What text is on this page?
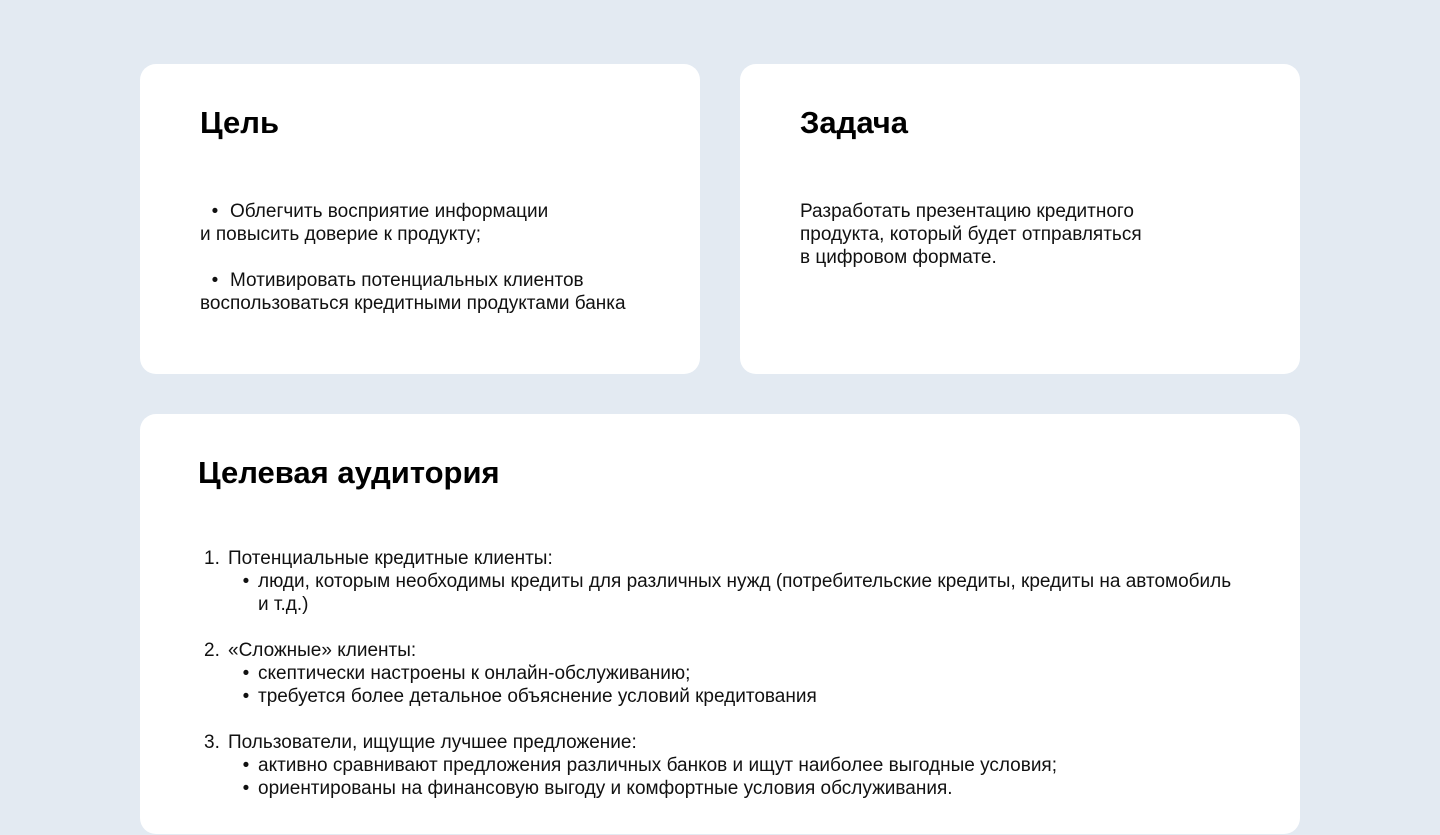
Цель

• Облегчить восприятие информации
и повысить доверие к продукту;

• Мотивировать потенциальных клиентов
воспользоваться кредитными продуктами банка

Задача

Разработать презентацию кредитного
продукта, который будет отправляться
в цифровом формате.

Целевая аудитория
1. Потенциальные кредитные клиенты:
• люди, которым необходимы кредиты для различных нужд (потребительские кредиты, кредиты на автомобиль и т.д.)
2. «Сложные» клиенты:
• скептически настроены к онлайн-обслуживанию;
• требуется более детальное объяснение условий кредитования
3. Пользователи, ищущие лучшее предложение:
• активно сравнивают предложения различных банков и ищут наиболее выгодные условия;
• ориентированы на финансовую выгоду и комфортные условия обслуживания.
